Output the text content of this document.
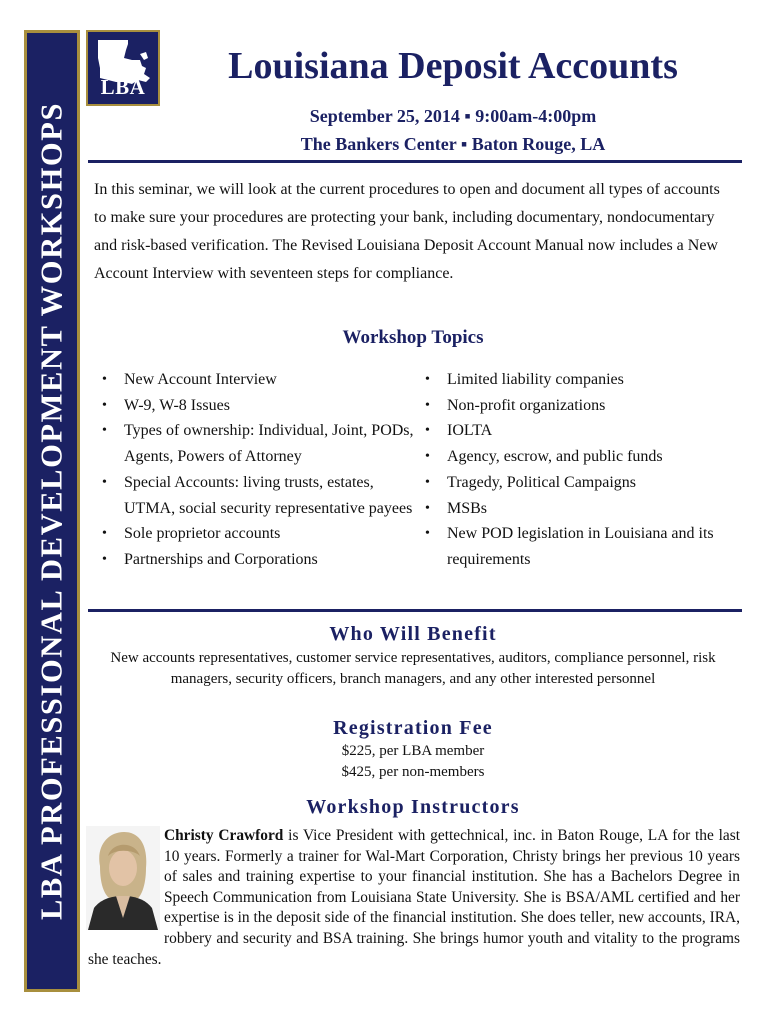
LBA PROFESSIONAL DEVELOPMENT WORKSHOPS
LBA	Louisiana Deposit Accounts
September 25, 2014 ▪ 9:00am-4:00pm
The Bankers Center ▪ Baton Rouge, LA

In this seminar, we will look at the current procedures to open and document all types of accounts to make sure your procedures are protecting your bank, including documentary, nondocumentary and risk-based verification. The Revised Louisiana Deposit Account Manual now includes a New Account Interview with seventeen steps for compliance.

Workshop Topics
• New Account Interview
• W-9, W-8 Issues
• Types of ownership: Individual, Joint, PODs, Agents, Powers of Attorney
• Special Accounts: living trusts, estates, UTMA, social security representative payees
• Sole proprietor accounts
• Partnerships and Corporations
• Limited liability companies
• Non-profit organizations
• IOLTA
• Agency, escrow, and public funds
• Tragedy, Political Campaigns
• MSBs
• New POD legislation in Louisiana and its requirements
Who Will Benefit
New accounts representatives, customer service representatives, auditors, compliance personnel, risk managers, security officers, branch managers, and any other interested personnel
Registration Fee
$225, per LBA member
$425, per non-members
Workshop Instructors
Christy Crawford is Vice President with gettechnical, inc. in Baton Rouge, LA for the last 10 years. Formerly a trainer for Wal-Mart Corporation, Christy brings her previous 10 years of sales and training expertise to your financial institution. She has a Bachelors Degree in Speech Communication from Louisiana State University. She is BSA/AML certified and her expertise is in the deposit side of the financial institution. She does teller, new accounts, IRA, robbery and security and BSA training. She brings humor youth and vitality to the programs she teaches.
